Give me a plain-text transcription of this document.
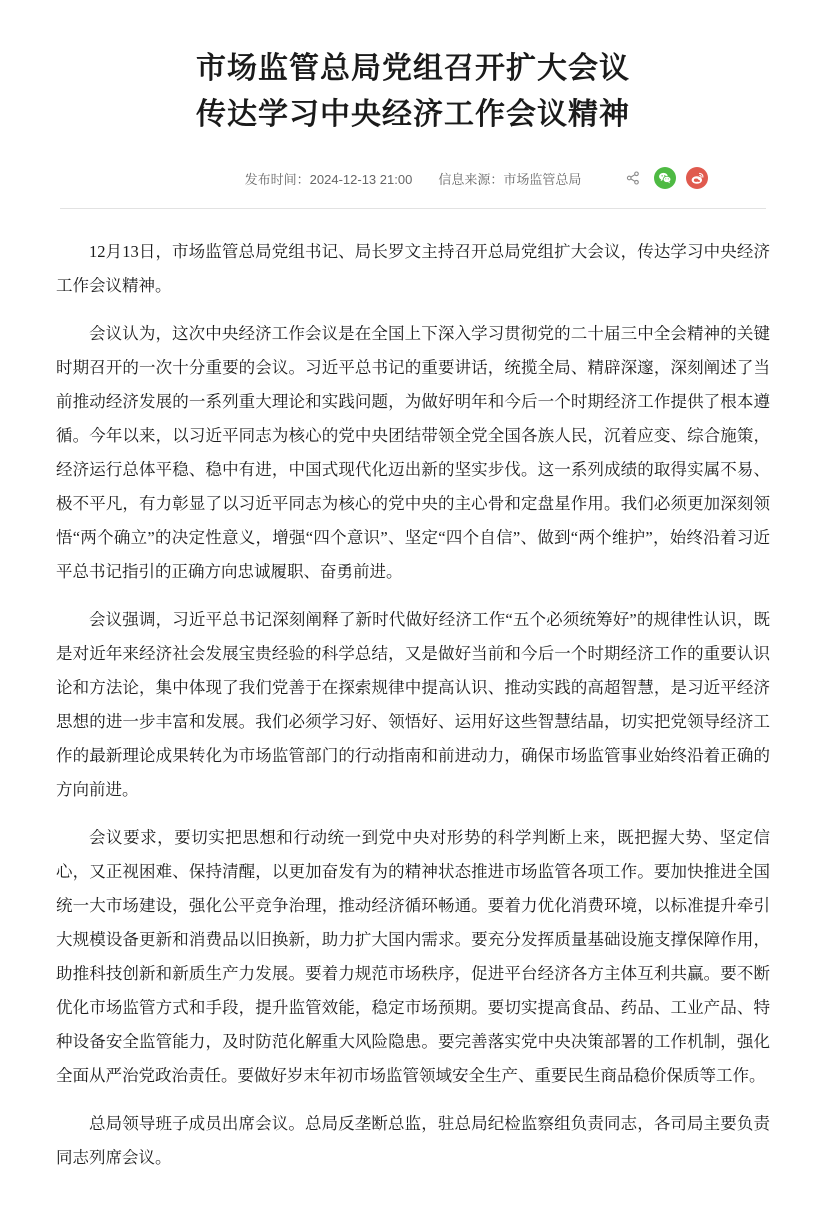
市场监管总局党组召开扩大会议
传达学习中央经济工作会议精神
发布时间：2024-12-13 21:00 信息来源：市场监管总局

12月13日，市场监管总局党组书记、局长罗文主持召开总局党组扩大会议，传达学习中央经济工作会议精神。

会议认为，这次中央经济工作会议是在全国上下深入学习贯彻党的二十届三中全会精神的关键时期召开的一次十分重要的会议。习近平总书记的重要讲话，统揽全局、精辟深邃，深刻阐述了当前推动经济发展的一系列重大理论和实践问题，为做好明年和今后一个时期经济工作提供了根本遵循。今年以来，以习近平同志为核心的党中央团结带领全党全国各族人民，沉着应变、综合施策，经济运行总体平稳、稳中有进，中国式现代化迈出新的坚实步伐。这一系列成绩的取得实属不易、极不平凡，有力彰显了以习近平同志为核心的党中央的主心骨和定盘星作用。我们必须更加深刻领悟“两个确立”的决定性意义，增强“四个意识”、坚定“四个自信”、做到“两个维护”，始终沿着习近平总书记指引的正确方向忠诚履职、奋勇前进。

会议强调，习近平总书记深刻阐释了新时代做好经济工作“五个必须统筹好”的规律性认识，既是对近年来经济社会发展宝贵经验的科学总结，又是做好当前和今后一个时期经济工作的重要认识论和方法论，集中体现了我们党善于在探索规律中提高认识、推动实践的高超智慧，是习近平经济思想的进一步丰富和发展。我们必须学习好、领悟好、运用好这些智慧结晶，切实把党领导经济工作的最新理论成果转化为市场监管部门的行动指南和前进动力，确保市场监管事业始终沿着正确的方向前进。

会议要求，要切实把思想和行动统一到党中央对形势的科学判断上来，既把握大势、坚定信心，又正视困难、保持清醒，以更加奋发有为的精神状态推进市场监管各项工作。要加快推进全国统一大市场建设，强化公平竞争治理，推动经济循环畅通。要着力优化消费环境，以标准提升牵引大规模设备更新和消费品以旧换新，助力扩大国内需求。要充分发挥质量基础设施支撑保障作用，助推科技创新和新质生产力发展。要着力规范市场秩序，促进平台经济各方主体互利共赢。要不断优化市场监管方式和手段，提升监管效能，稳定市场预期。要切实提高食品、药品、工业产品、特种设备安全监管能力，及时防范化解重大风险隐患。要完善落实党中央决策部署的工作机制，强化全面从严治党政治责任。要做好岁末年初市场监管领域安全生产、重要民生商品稳价保质等工作。

总局领导班子成员出席会议。总局反垄断总监，驻总局纪检监察组负责同志，各司局主要负责同志列席会议。
